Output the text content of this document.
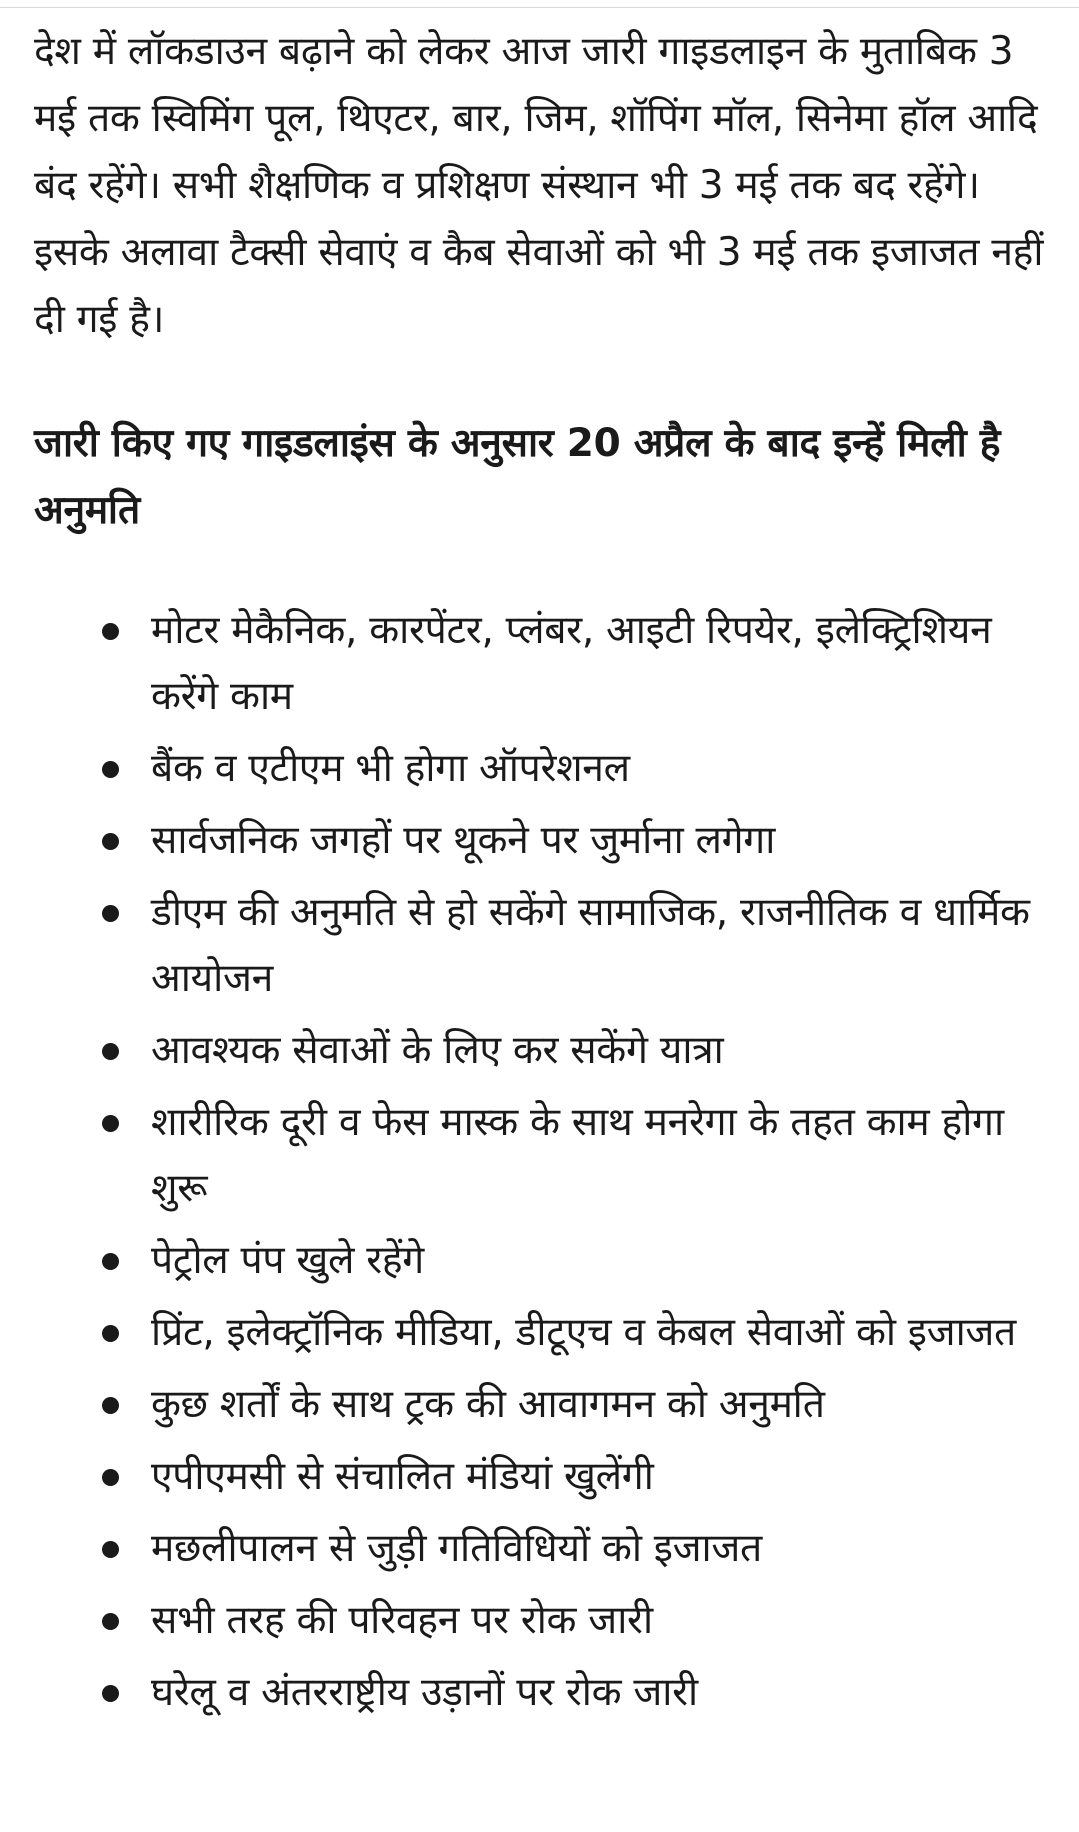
देश में लॉकडाउन बढ़ाने को लेकर आज जारी गाइडलाइन के मुताबिक 3 मई तक स्विमिंग पूल, थिएटर, बार, जिम, शॉपिंग मॉल, सिनेमा हॉल आदि बंद रहेंगे। सभी शैक्षणिक व प्रशिक्षण संस्थान भी 3 मई तक बद रहेंगे। इसके अलावा टैक्सी सेवाएं व कैब सेवाओं को भी 3 मई तक इजाजत नहीं दी गई है।

जारी किए गए गाइडलाइंस के अनुसार 20 अप्रैल के बाद इन्हें मिली है अनुमति
मोटर मेकैनिक, कारपेंटर, प्लंबर, आइटी रिपयेर, इलेक्ट्रिशियन करेंगे काम
बैंक व एटीएम भी होगा ऑपरेशनल
सार्वजनिक जगहों पर थूकने पर जुर्माना लगेगा
डीएम की अनुमति से हो सकेंगे सामाजिक, राजनीतिक व धार्मिक आयोजन
आवश्यक सेवाओं के लिए कर सकेंगे यात्रा
शारीरिक दूरी व फेस मास्क के साथ मनरेगा के तहत काम होगा शुरू
पेट्रोल पंप खुले रहेंगे
प्रिंट, इलेक्ट्रॉनिक मीडिया, डीटूएच व केबल सेवाओं को इजाजत
कुछ शर्तों के साथ ट्रक की आवागमन को अनुमति
एपीएमसी से संचालित मंडियां खुलेंगी
मछलीपालन से जुड़ी गतिविधियों को इजाजत
सभी तरह की परिवहन पर रोक जारी
घरेलू व अंतरराष्ट्रीय उड़ानों पर रोक जारी
